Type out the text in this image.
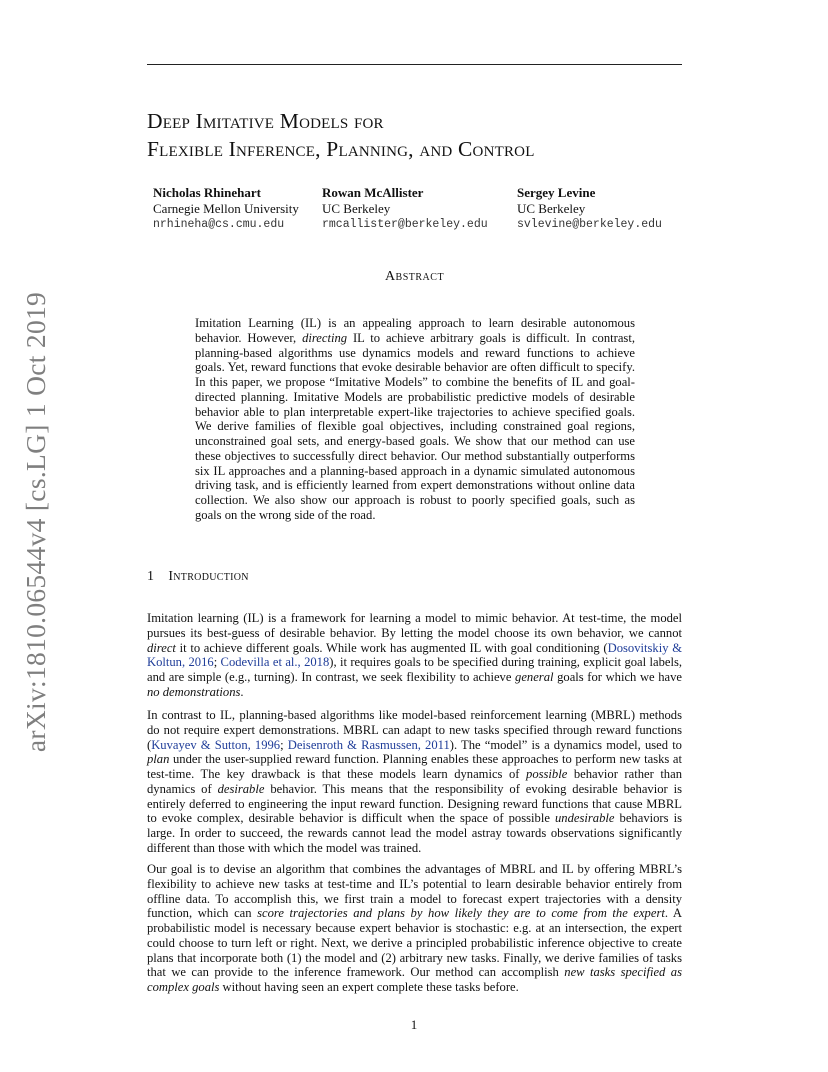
arXiv:1810.06544v4 [cs.LG] 1 Oct 2019
Deep Imitative Models for
Flexible Inference, Planning, and Control
Nicholas Rhinehart
Carnegie Mellon University
nrhineha@cs.cmu.edu
Rowan McAllister
UC Berkeley
rmcallister@berkeley.edu
Sergey Levine
UC Berkeley
svlevine@berkeley.edu
Abstract
Imitation Learning (IL) is an appealing approach to learn desirable autonomous behavior. However, directing IL to achieve arbitrary goals is difficult. In contrast, planning-based algorithms use dynamics models and reward functions to achieve goals. Yet, reward functions that evoke desirable behavior are often difficult to specify. In this paper, we propose “Imitative Models” to combine the benefits of IL and goal-directed planning. Imitative Models are probabilistic predictive models of desirable behavior able to plan interpretable expert-like trajectories to achieve specified goals. We derive families of flexible goal objectives, including constrained goal regions, unconstrained goal sets, and energy-based goals. We show that our method can use these objectives to successfully direct behavior. Our method substantially outperforms six IL approaches and a planning-based approach in a dynamic simulated autonomous driving task, and is efficiently learned from expert demonstrations without online data collection. We also show our approach is robust to poorly specified goals, such as goals on the wrong side of the road.
1 Introduction

Imitation learning (IL) is a framework for learning a model to mimic behavior. At test-time, the model pursues its best-guess of desirable behavior. By letting the model choose its own behavior, we cannot direct it to achieve different goals. While work has augmented IL with goal conditioning (Dosovitskiy & Koltun, 2016; Codevilla et al., 2018), it requires goals to be specified during training, explicit goal labels, and are simple (e.g., turning). In contrast, we seek flexibility to achieve general goals for which we have no demonstrations.

In contrast to IL, planning-based algorithms like model-based reinforcement learning (MBRL) methods do not require expert demonstrations. MBRL can adapt to new tasks specified through reward functions (Kuvayev & Sutton, 1996; Deisenroth & Rasmussen, 2011). The “model” is a dynamics model, used to plan under the user-supplied reward function. Planning enables these approaches to perform new tasks at test-time. The key drawback is that these models learn dynamics of possible behavior rather than dynamics of desirable behavior. This means that the responsibility of evoking desirable behavior is entirely deferred to engineering the input reward function. Designing reward functions that cause MBRL to evoke complex, desirable behavior is difficult when the space of possible undesirable behaviors is large. In order to succeed, the rewards cannot lead the model astray towards observations significantly different than those with which the model was trained.

Our goal is to devise an algorithm that combines the advantages of MBRL and IL by offering MBRL’s flexibility to achieve new tasks at test-time and IL’s potential to learn desirable behavior entirely from offline data. To accomplish this, we first train a model to forecast expert trajectories with a density function, which can score trajectories and plans by how likely they are to come from the expert. A probabilistic model is necessary because expert behavior is stochastic: e.g. at an intersection, the expert could choose to turn left or right. Next, we derive a principled probabilistic inference objective to create plans that incorporate both (1) the model and (2) arbitrary new tasks. Finally, we derive families of tasks that we can provide to the inference framework. Our method can accomplish new tasks specified as complex goals without having seen an expert complete these tasks before.

1
